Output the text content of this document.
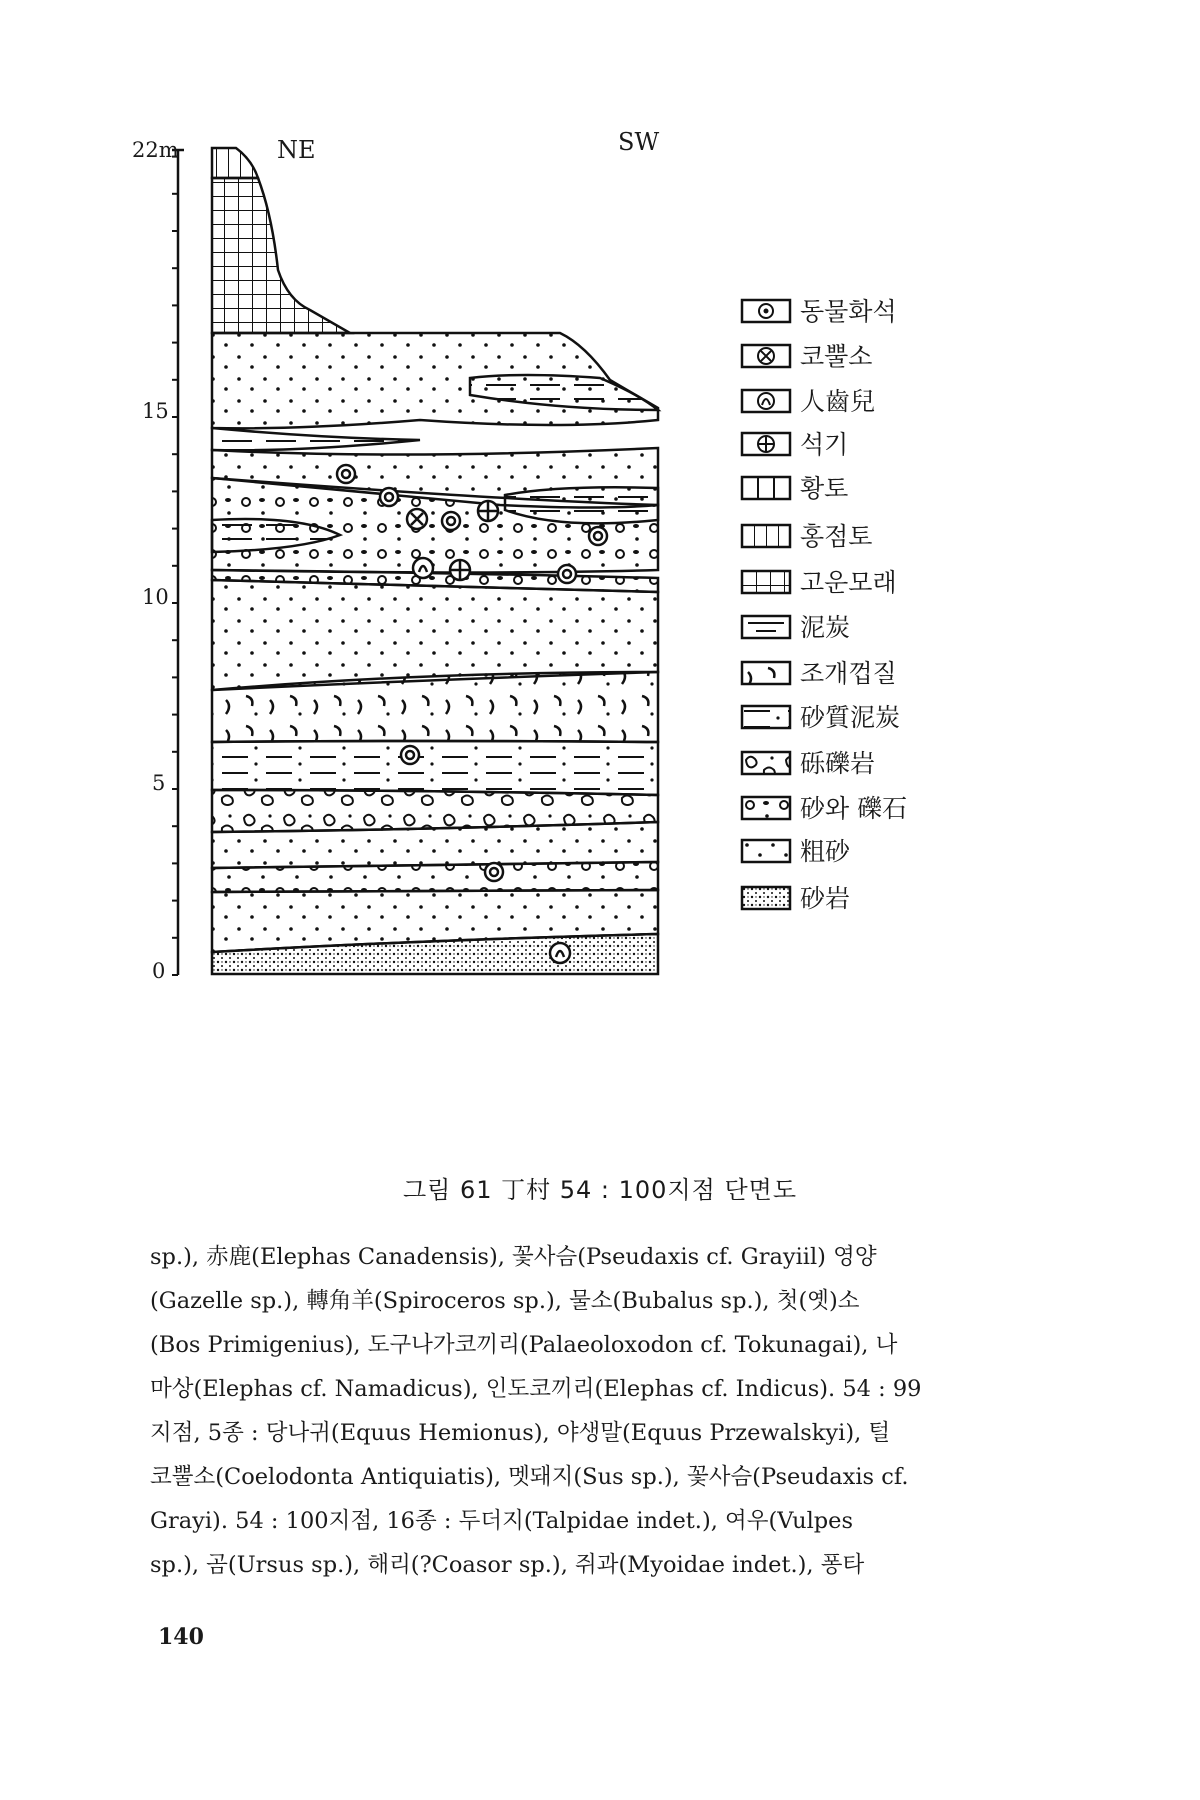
22m
15
10
5
0
NE	SW
동물화석
코뿔소
人齒兒
석기
황토
홍점토
고운모래
泥炭
조개껍질
砂質泥炭
砾礫岩
砂와 礫石
粗砂
砂岩
그림 61 丁村 54 : 100지점 단면도
sp.), 赤鹿(Elephas Canadensis), 꽃사슴(Pseudaxis cf. Grayiil) 영양
(Gazelle sp.), 轉角羊(Spiroceros sp.), 물소(Bubalus sp.), 첫(옛)소
(Bos Primigenius), 도구나가코끼리(Palaeoloxodon cf. Tokunagai), 나
마상(Elephas cf. Namadicus), 인도코끼리(Elephas cf. Indicus). 54 : 99
지점, 5종 : 당나귀(Equus Hemionus), 야생말(Equus Przewalskyi), 털
코뿔소(Coelodonta Antiquiatis), 멧돼지(Sus sp.), 꽃사슴(Pseudaxis cf.
Grayi). 54 : 100지점, 16종 : 두더지(Talpidae indet.), 여우(Vulpes
sp.), 곰(Ursus sp.), 해리(?Coasor sp.), 쥐과(Myoidae indet.), 퐁타
140
